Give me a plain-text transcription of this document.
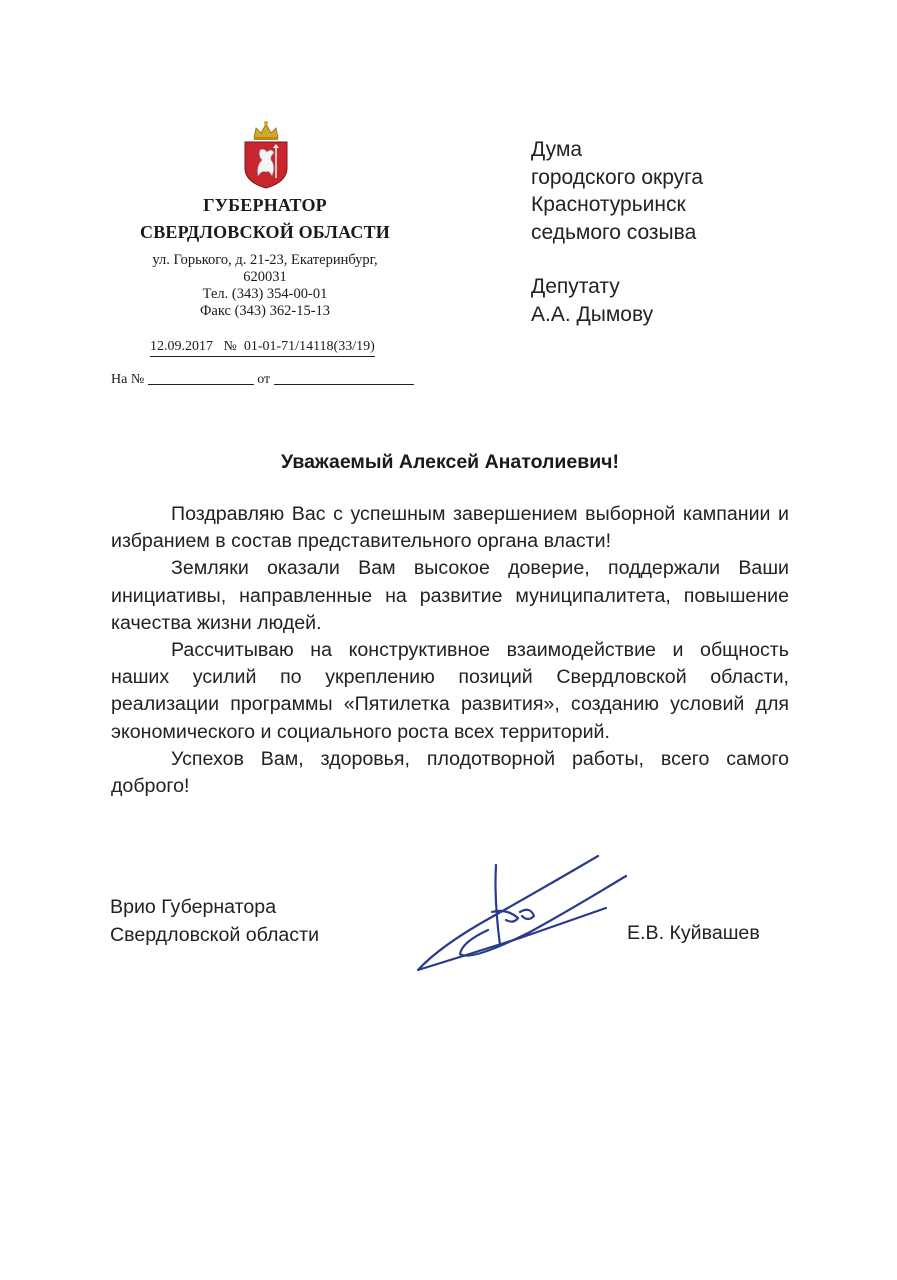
ГУБЕРНАТОР
СВЕРДЛОВСКОЙ ОБЛАСТИ
ул. Горького, д. 21-23, Екатеринбург,
620031
Тел. (343) 354-00-01
Факс (343) 362-15-13
12.09.2017   №  01-01-71/14118(33/19)
На №	от
Дума
городского округа
Краснотурьинск
седьмого созыва
Депутату
А.А. Дымову
Уважаемый Алексей Анатолиевич!

Поздравляю Вас с успешным завершением выборной кампании и избранием в состав представительного органа власти!

Земляки оказали Вам высокое доверие, поддержали Ваши инициативы, направленные на развитие муниципалитета, повышение качества жизни людей.

Рассчитываю на конструктивное взаимодействие и общность наших усилий по укреплению позиций Свердловской области, реализации программы «Пятилетка развития», созданию условий для экономического и социального роста всех территорий.

Успехов Вам, здоровья, плодотворной работы, всего самого доброго!

Врио Губернатора
Свердловской области	Е.В. Куйвашев
